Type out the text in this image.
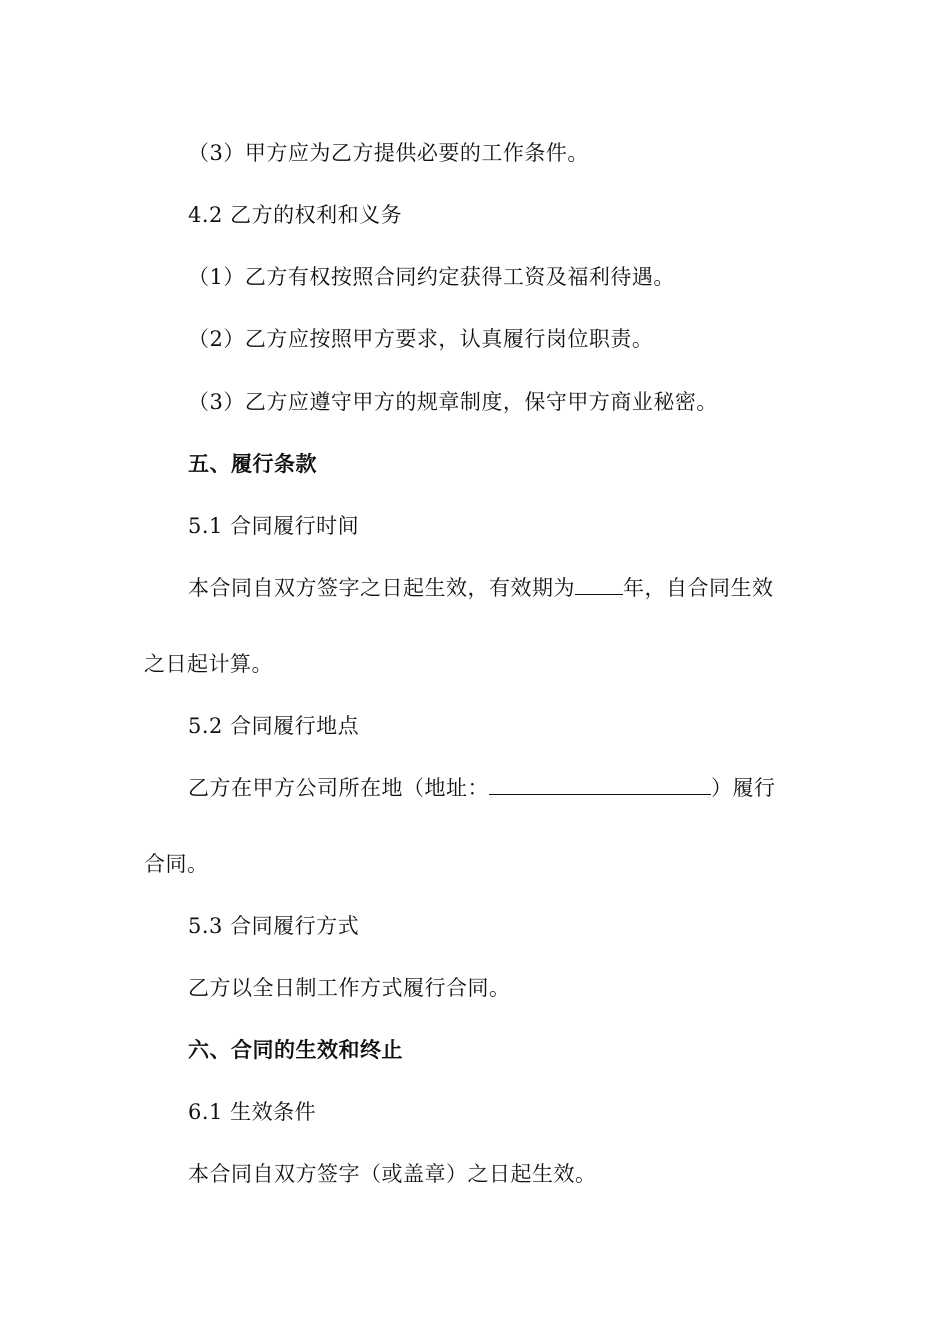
（3）甲方应为乙方提供必要的工作条件。
4.2 乙方的权利和义务
（1）乙方有权按照合同约定获得工资及福利待遇。
（2）乙方应按照甲方要求，认真履行岗位职责。
（3）乙方应遵守甲方的规章制度，保守甲方商业秘密。
五、履行条款
5.1 合同履行时间
本合同自双方签字之日起生效，有效期为 年，自合同生效
之日起计算。
5.2 合同履行地点
乙方在甲方公司所在地（地址：	）履行
合同。
5.3 合同履行方式
乙方以全日制工作方式履行合同。
六、合同的生效和终止
6.1 生效条件
本合同自双方签字（或盖章）之日起生效。
